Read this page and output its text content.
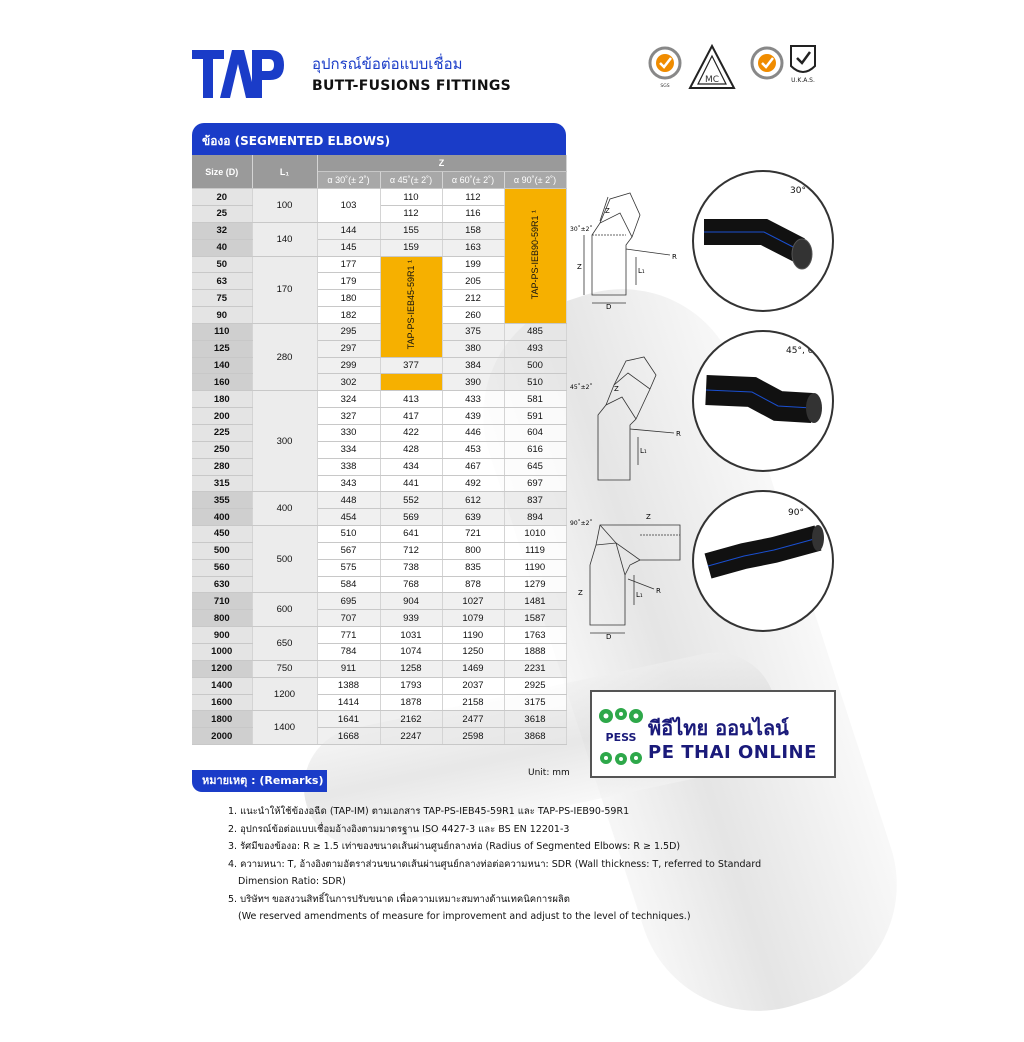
อุปกรณ์ข้อต่อแบบเชื่อม
BUTT-FUSIONS FITTINGS	MC	U.K.A.S.
SGS
ข้องอ (SEGMENTED ELBOWS)
Size (D)	L₁	Z			
		α 30˚(± 2˚)	α 45˚(± 2˚)	α 60˚(± 2˚)	α 90˚(± 2˚)
20	100	103	110	112	TAP-PS-IEB90-59R1 ¹
25			112	116	
32	140	144	155	158	
40		145	159	163	
50	170	177	TAP-PS-IEB45-59R1 ¹	199	
63		179		205	
75		180		212	
90		182		260	
110	280	295		375	485
125		297		380	493
140		299	377	384	500
160		302		390	510
180	300	324	413	433	581
200		327	417	439	591
225		330	422	446	604
250		334	428	453	616
280		338	434	467	645
315		343	441	492	697
355	400	448	552	612	837
400		454	569	639	894
450	500	510	641	721	1010
500		567	712	800	1119
560		575	738	835	1190
630		584	768	878	1279
710	600	695	904	1027	1481
800		707	939	1079	1587
900	650	771	1031	1190	1763
1000		784	1074	1250	1888
1200	750	911	1258	1469	2231
1400	1200	1388	1793	2037	2925
1600		1414	1878	2158	3175
1800	1400	1641	2162	2477	3618
2000		1668	2247	2598	3868
Unit: mm
หมายเหตุ : (Remarks)
1. แนะนำให้ใช้ข้องอฉีด (TAP-IM) ตามเอกสาร TAP-PS-IEB45-59R1 และ TAP-PS-IEB90-59R1
2. อุปกรณ์ข้อต่อแบบเชื่อมอ้างอิงตามมาตรฐาน ISO 4427-3 และ BS EN 12201-3
3. รัศมีของข้องอ: R ≥ 1.5 เท่าของขนาดเส้นผ่านศูนย์กลางท่อ (Radius of Segmented Elbows: R ≥ 1.5D)
4. ความหนา: T, อ้างอิงตามอัตราส่วนขนาดเส้นผ่านศูนย์กลางท่อต่อความหนา: SDR (Wall thickness: T, referred to Standard
Dimension Ratio: SDR)
5. บริษัทฯ ขอสงวนสิทธิ์ในการปรับขนาด เพื่อความเหมาะสมทางด้านเทคนิคการผลิต
(We reserved amendments of measure for improvement and adjust to the level of techniques.)
Z
30˚±2˚
Z	L₁
R
D
45˚±2˚	Z
L₁
R
90˚±2˚
Z
Z	L₁ R
D
30°
45°, 60°
90°
PESS พีอีไทย ออนไลน์
PE THAI ONLINE
